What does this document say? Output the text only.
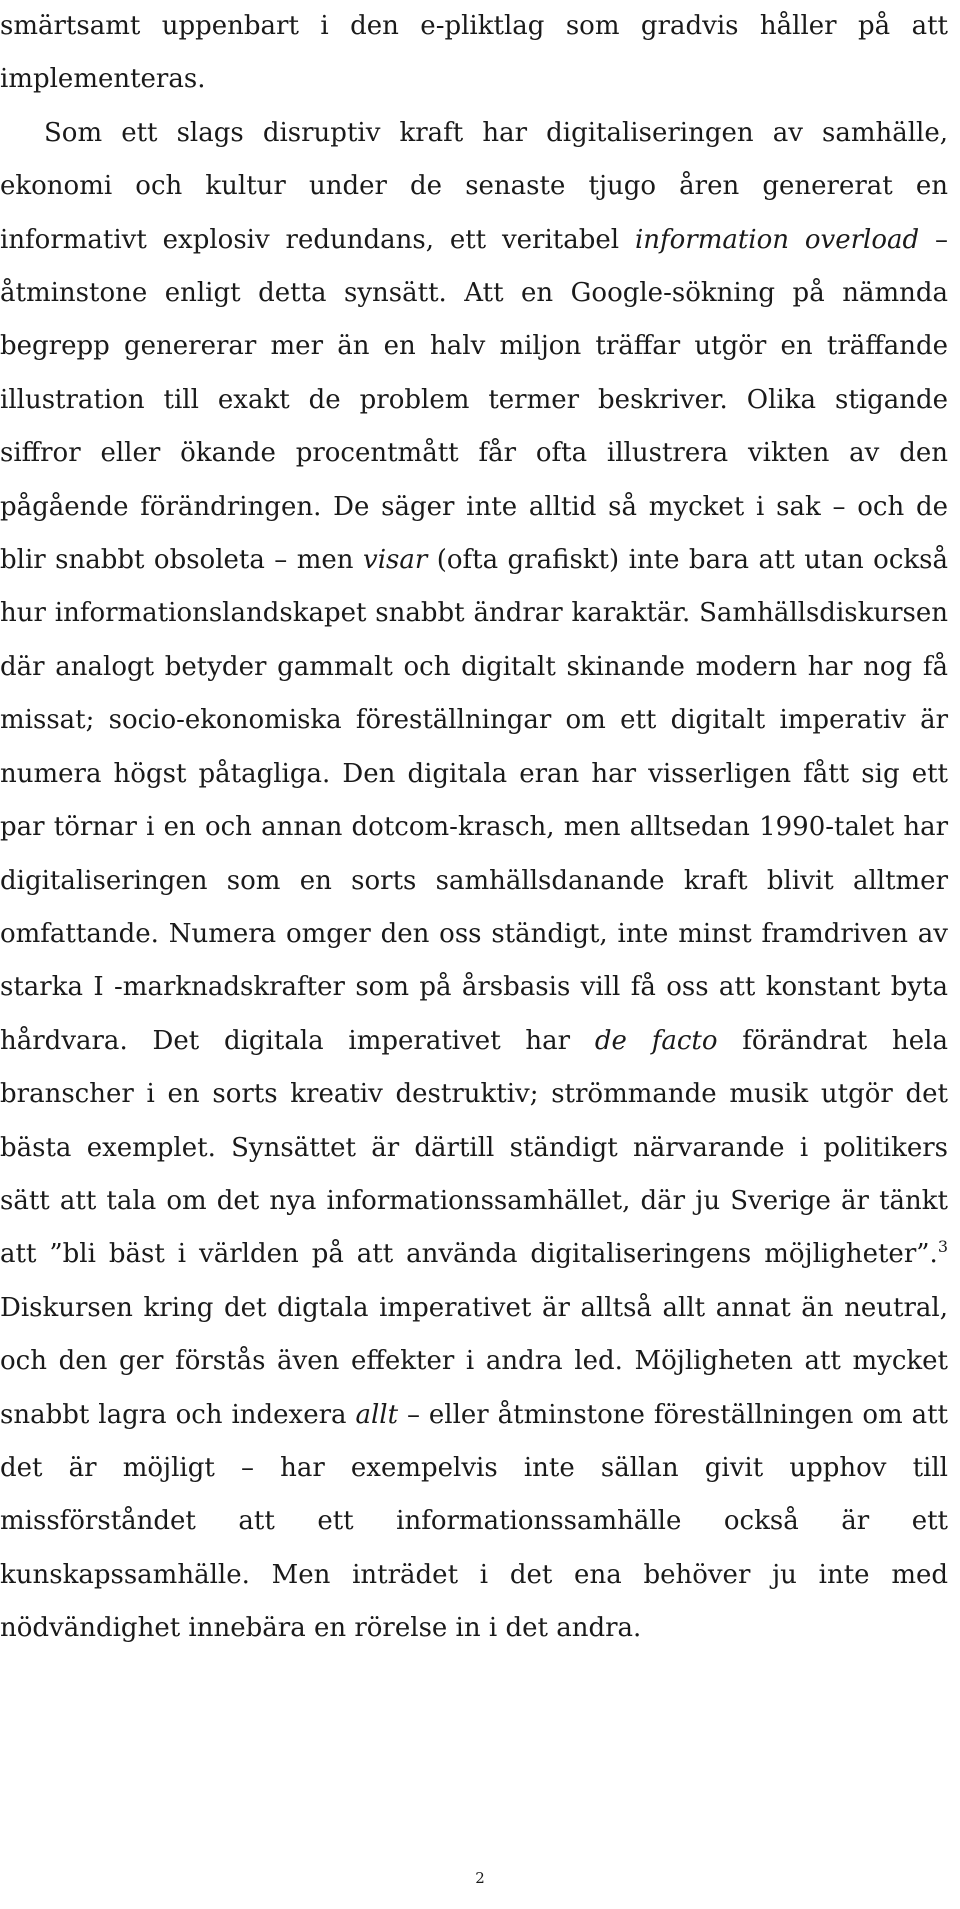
smärtsamt uppenbart i den e-pliktlag som gradvis håller på att implementeras.

Som ett slags disruptiv kraft har digitaliseringen av samhälle, ekonomi och kultur under de senaste tjugo åren genererat en informativt explosiv redundans, ett veritabel information overload – åtminstone enligt detta synsätt. Att en Google-sökning på nämnda begrepp genererar mer än en halv miljon träffar utgör en träffande illustration till exakt de problem termer beskriver. Olika stigande siffror eller ökande procentmått får ofta illustrera vikten av den pågående förändringen. De säger inte alltid så mycket i sak – och de blir snabbt obsoleta – men visar (ofta grafiskt) inte bara att utan också hur informationslandskapet snabbt ändrar karaktär. Samhällsdiskursen där analogt betyder gammalt och digitalt skinande modern har nog få missat; socio-ekonomiska föreställningar om ett digitalt imperativ är numera högst påtagliga. Den digitala eran har visserligen fått sig ett par törnar i en och annan dotcom-krasch, men alltsedan 1990-talet har digitaliseringen som en sorts samhällsdanande kraft blivit alltmer omfattande. Numera omger den oss ständigt, inte minst framdriven av starka I -marknadskrafter som på årsbasis vill få oss att konstant byta hårdvara. Det digitala imperativet har de facto förändrat hela branscher i en sorts kreativ destruktiv; strömmande musik utgör det bästa exemplet. Synsättet är därtill ständigt närvarande i politikers sätt att tala om det nya informationssamhället, där ju Sverige är tänkt att ”bli bäst i världen på att använda digitaliseringens möjligheter”.$^3$ Diskursen kring det digtala imperativet är alltså allt annat än neutral, och den ger förstås även effekter i andra led. Möjligheten att mycket snabbt lagra och indexera allt – eller åtminstone föreställningen om att det är möjligt – har exempelvis inte sällan givit upphov till missförståndet att ett informationssamhälle också är ett kunskapssamhälle. Men inträdet i det ena behöver ju inte med nödvändighet innebära en rörelse in i det andra.

2
